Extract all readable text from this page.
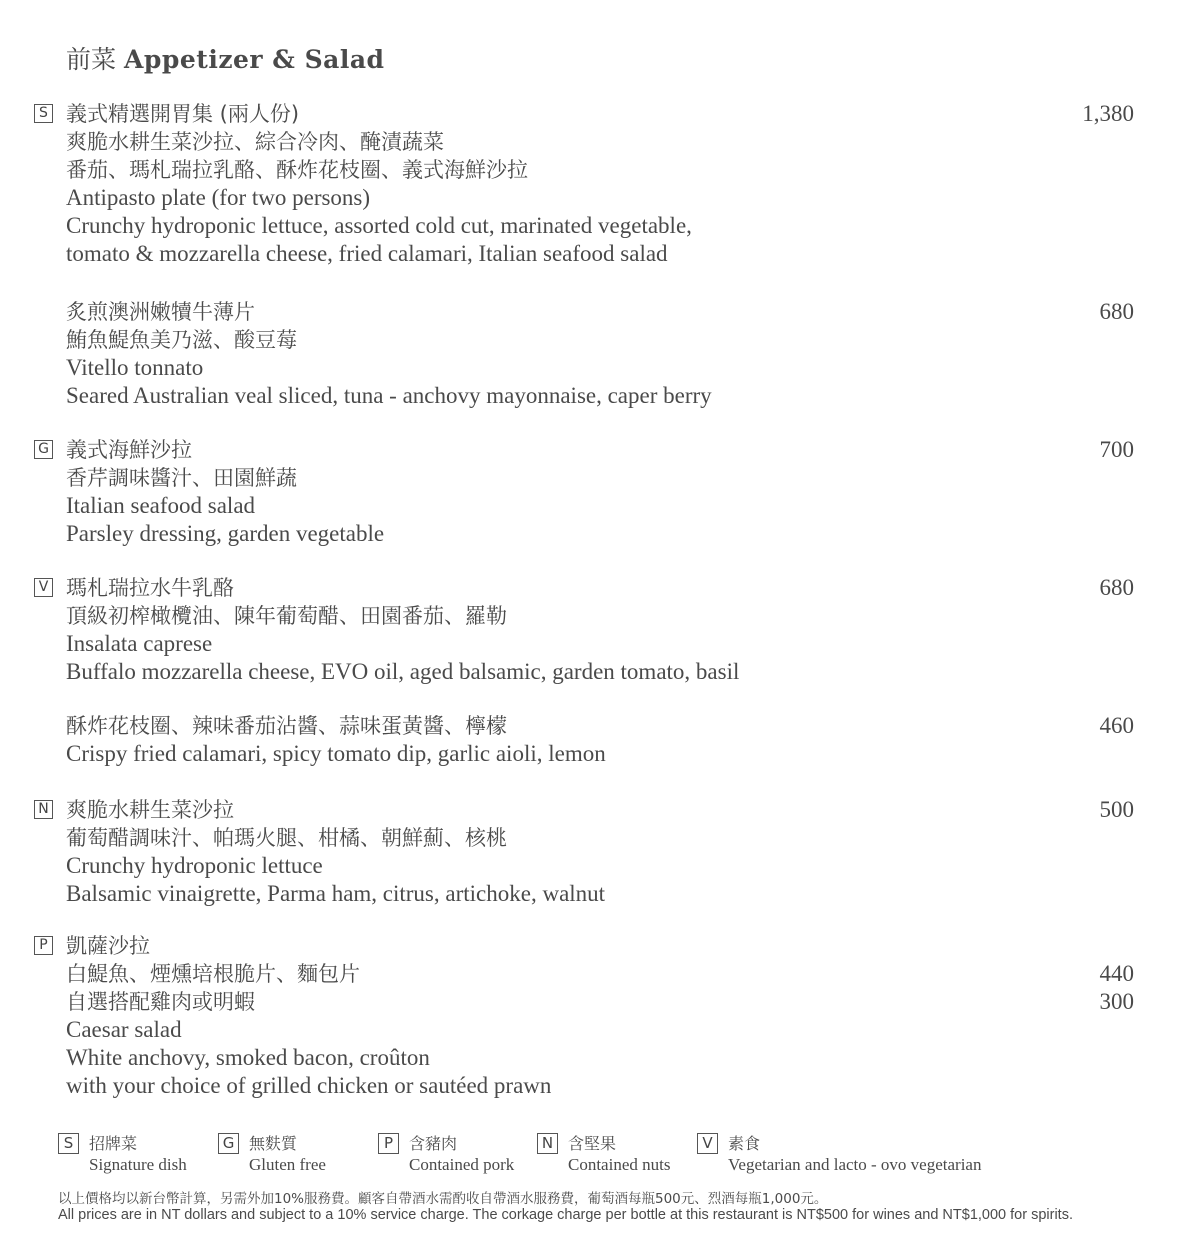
前菜 Appetizer & Salad
S 義式精選開胃集 (兩人份)
爽脆水耕生菜沙拉、綜合冷肉、醃漬蔬菜
番茄、瑪札瑞拉乳酪、酥炸花枝圈、義式海鮮沙拉
Antipasto plate (for two persons)
Crunchy hydroponic lettuce, assorted cold cut, marinated vegetable,
tomato & mozzarella cheese, fried calamari, Italian seafood salad
1,380
炙煎澳洲嫩犢牛薄片
鮪魚鯷魚美乃滋、酸豆莓
Vitello tonnato
Seared Australian veal sliced, tuna - anchovy mayonnaise, caper berry
680
G 義式海鮮沙拉
香芹調味醬汁、田園鮮蔬
Italian seafood salad
Parsley dressing, garden vegetable
700
V 瑪札瑞拉水牛乳酪
頂級初榨橄欖油、陳年葡萄醋、田園番茄、羅勒
Insalata caprese
Buffalo mozzarella cheese, EVO oil, aged balsamic, garden tomato, basil
680
酥炸花枝圈、辣味番茄沾醬、蒜味蛋黃醬、檸檬
Crispy fried calamari, spicy tomato dip, garlic aioli, lemon
460
N 爽脆水耕生菜沙拉
葡萄醋調味汁、帕瑪火腿、柑橘、朝鮮薊、核桃
Crunchy hydroponic lettuce
Balsamic vinaigrette, Parma ham, citrus, artichoke, walnut
500
P 凱薩沙拉
白鯷魚、煙燻培根脆片、麵包片
自選搭配雞肉或明蝦
Caesar salad
White anchovy, smoked bacon, croûton
with your choice of grilled chicken or sautéed prawn
440
300
S 招牌菜
Signature dish
G 無麩質
Gluten free
P 含豬肉
Contained pork
N 含堅果
Contained nuts
V 素食
Vegetarian and lacto - ovo vegetarian
以上價格均以新台幣計算，另需外加10%服務費。顧客自帶酒水需酌收自帶酒水服務費，葡萄酒每瓶500元、烈酒每瓶1,000元。
All prices are in NT dollars and subject to a 10% service charge. The corkage charge per bottle at this restaurant is NT$500 for wines and NT$1,000 for spirits.
